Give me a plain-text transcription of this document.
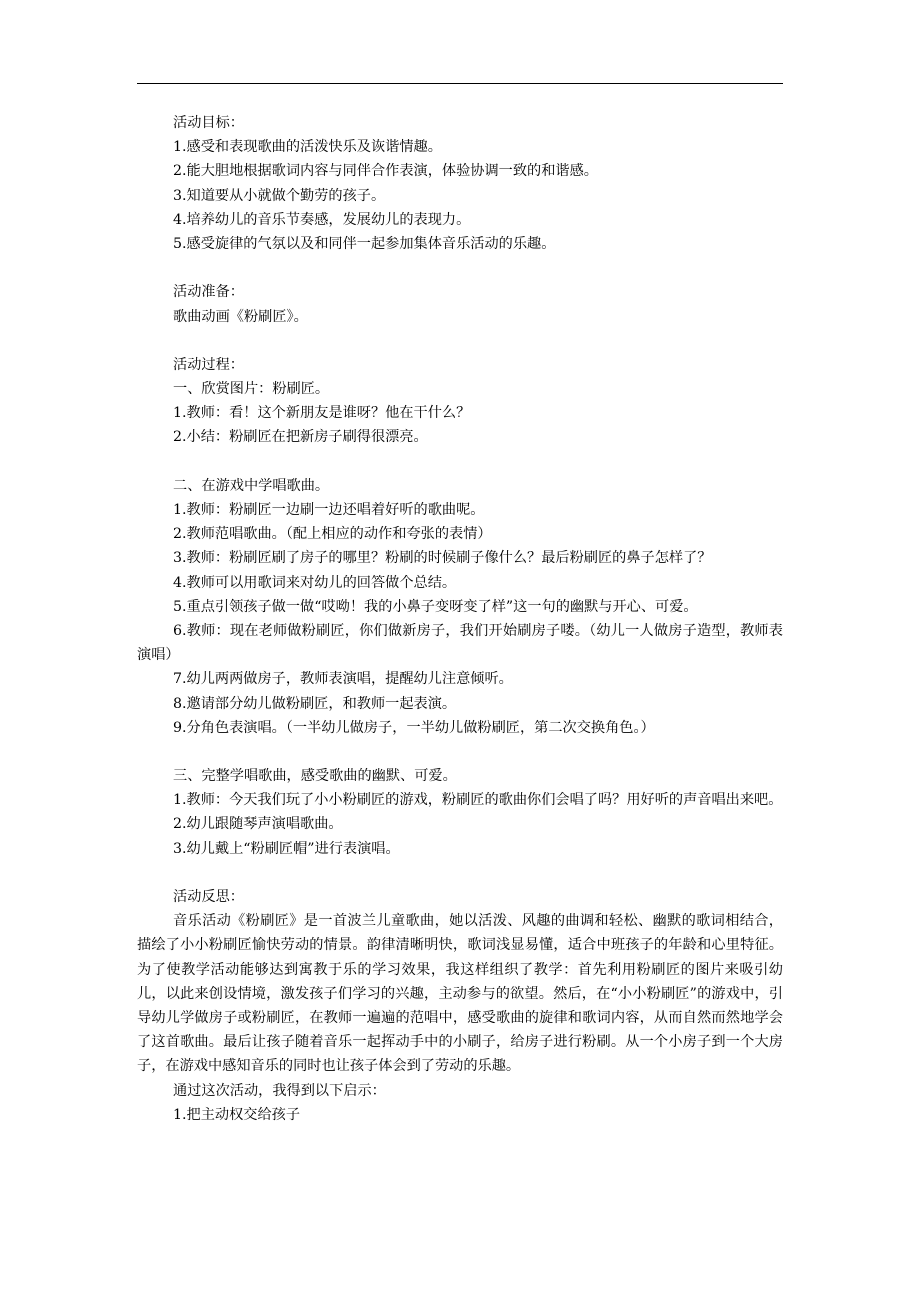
活动目标：
1.感受和表现歌曲的活泼快乐及诙谐情趣。
2.能大胆地根据歌词内容与同伴合作表演，体验协调一致的和谐感。
3.知道要从小就做个勤劳的孩子。
4.培养幼儿的音乐节奏感，发展幼儿的表现力。
5.感受旋律的气氛以及和同伴一起参加集体音乐活动的乐趣。
活动准备：
歌曲动画《粉刷匠》。
活动过程：
一、欣赏图片：粉刷匠。
1.教师：看！这个新朋友是谁呀？他在干什么？
2.小结：粉刷匠在把新房子刷得很漂亮。
二、在游戏中学唱歌曲。
1.教师：粉刷匠一边刷一边还唱着好听的歌曲呢。
2.教师范唱歌曲。（配上相应的动作和夸张的表情）
3.教师：粉刷匠刷了房子的哪里？粉刷的时候刷子像什么？最后粉刷匠的鼻子怎样了？
4.教师可以用歌词来对幼儿的回答做个总结。
5.重点引领孩子做一做“哎呦！我的小鼻子变呀变了样”这一句的幽默与开心、可爱。
6.教师：现在老师做粉刷匠，你们做新房子，我们开始刷房子喽。（幼儿一人做房子造型，教师表演唱）
7.幼儿两两做房子，教师表演唱，提醒幼儿注意倾听。
8.邀请部分幼儿做粉刷匠，和教师一起表演。
9.分角色表演唱。（一半幼儿做房子，一半幼儿做粉刷匠，第二次交换角色。）
三、完整学唱歌曲，感受歌曲的幽默、可爱。
1.教师：今天我们玩了小小粉刷匠的游戏，粉刷匠的歌曲你们会唱了吗？用好听的声音唱出来吧。
2.幼儿跟随琴声演唱歌曲。
3.幼儿戴上“粉刷匠帽”进行表演唱。
活动反思：
音乐活动《粉刷匠》是一首波兰儿童歌曲，她以活泼、风趣的曲调和轻松、幽默的歌词相结合，描绘了小小粉刷匠愉快劳动的情景。韵律清晰明快，歌词浅显易懂，适合中班孩子的年龄和心里特征。为了使教学活动能够达到寓教于乐的学习效果，我这样组织了教学：首先利用粉刷匠的图片来吸引幼儿，以此来创设情境，激发孩子们学习的兴趣，主动参与的欲望。然后，在“小小粉刷匠”的游戏中，引导幼儿学做房子或粉刷匠，在教师一遍遍的范唱中，感受歌曲的旋律和歌词内容，从而自然而然地学会了这首歌曲。最后让孩子随着音乐一起挥动手中的小刷子，给房子进行粉刷。从一个小房子到一个大房子，在游戏中感知音乐的同时也让孩子体会到了劳动的乐趣。
通过这次活动，我得到以下启示：
1.把主动权交给孩子
